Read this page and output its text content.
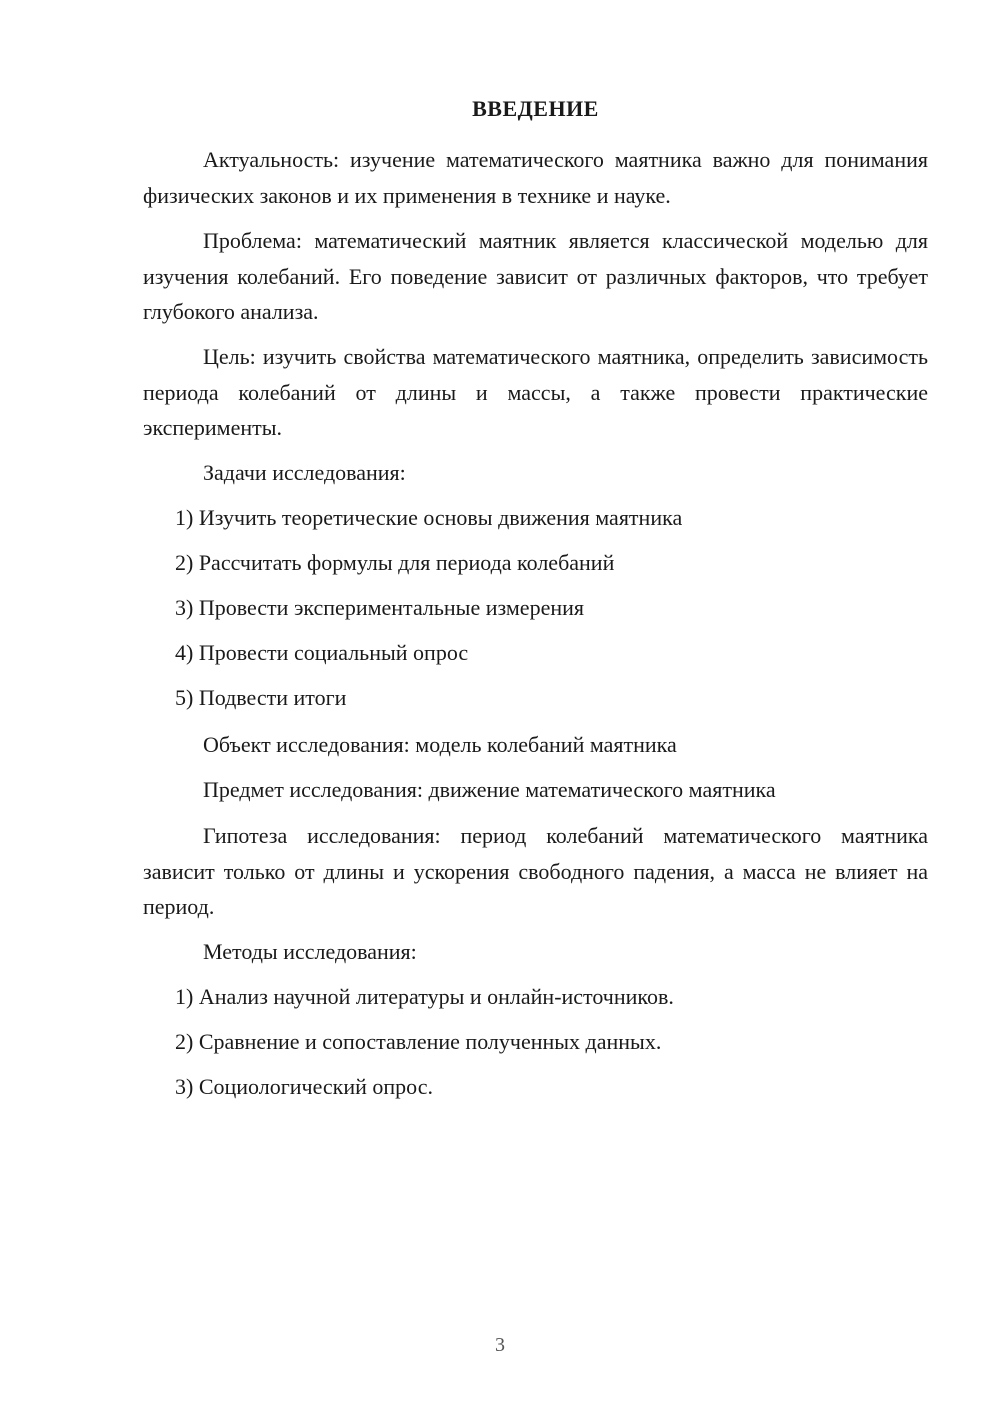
ВВЕДЕНИЕ

Актуальность: изучение математического маятника важно для понимания физических законов и их применения в технике и науке.

Проблема: математический маятник является классической моделью для изучения колебаний. Его поведение зависит от различных факторов, что требует глубокого анализа.

Цель: изучить свойства математического маятника, определить зависимость периода колебаний от длины и массы, а также провести практические эксперименты.

Задачи исследования:

1) Изучить теоретические основы движения маятника

2) Рассчитать формулы для периода колебаний

3) Провести экспериментальные измерения

4) Провести социальный опрос

5) Подвести итоги

Объект исследования: модель колебаний маятника

Предмет исследования: движение математического маятника

Гипотеза исследования: период колебаний математического маятника зависит только от длины и ускорения свободного падения, а масса не влияет на период.

Методы исследования:

1) Анализ научной литературы и онлайн-источников.

2) Сравнение и сопоставление полученных данных.

3) Социологический опрос.

3
